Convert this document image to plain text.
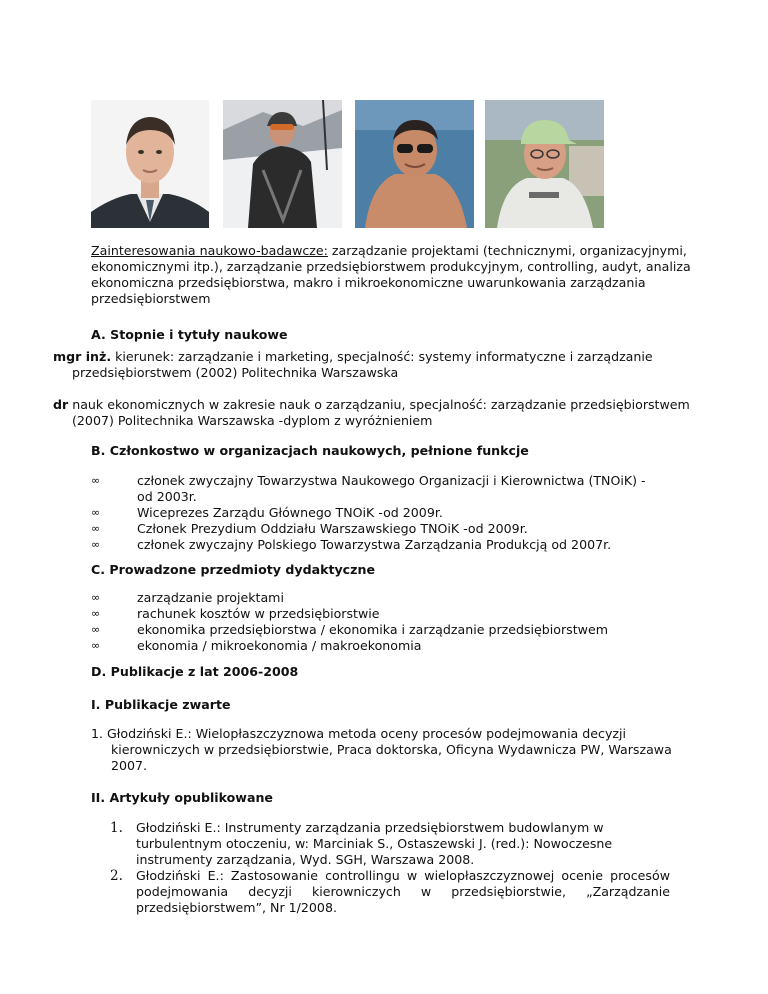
Zainteresowania naukowo-badawcze: zarządzanie projektami (technicznymi, organizacyjnymi, ekonomicznymi itp.), zarządzanie przedsiębiorstwem produkcyjnym, controlling, audyt, analiza ekonomiczna przedsiębiorstwa, makro i mikroekonomiczne uwarunkowania zarządzania przedsiębiorstwem
A. Stopnie i tytuły naukowe
mgr inż. kierunek: zarządzanie i marketing, specjalność: systemy informatyczne i zarządzanie przedsiębiorstwem (2002) Politechnika Warszawska
dr nauk ekonomicznych w zakresie nauk o zarządzaniu, specjalność: zarządzanie przedsiębiorstwem (2007) Politechnika Warszawska -dyplom z wyróżnieniem
B. Członkostwo w organizacjach naukowych, pełnione funkcje
∞ członek zwyczajny Towarzystwa Naukowego Organizacji i Kierownictwa (TNOiK) -od 2003r.
∞ Wiceprezes Zarządu Głównego TNOiK -od 2009r.
∞ Członek Prezydium Oddziału Warszawskiego TNOiK -od 2009r.
∞ członek zwyczajny Polskiego Towarzystwa Zarządzania Produkcją od 2007r.
C. Prowadzone przedmioty dydaktyczne
∞ zarządzanie projektami
∞ rachunek kosztów w przedsiębiorstwie
∞ ekonomika przedsiębiorstwa / ekonomika i zarządzanie przedsiębiorstwem
∞ ekonomia / mikroekonomia / makroekonomia
D. Publikacje z lat 2006-2008
I. Publikacje zwarte
1. Głodziński E.: Wielopłaszczyznowa metoda oceny procesów podejmowania decyzji kierowniczych w przedsiębiorstwie, Praca doktorska, Oficyna Wydawnicza PW, Warszawa 2007.
II. Artykuły opublikowane
1. Głodziński E.: Instrumenty zarządzania przedsiębiorstwem budowlanym w turbulentnym otoczeniu, w: Marciniak S., Ostaszewski J. (red.): Nowoczesne instrumenty zarządzania, Wyd. SGH, Warszawa 2008.
2. Głodziński E.: Zastosowanie controllingu w wielopłaszczyznowej ocenie procesów podejmowania decyzji kierowniczych w przedsiębiorstwie, „Zarządzanie przedsiębiorstwem”, Nr 1/2008.
